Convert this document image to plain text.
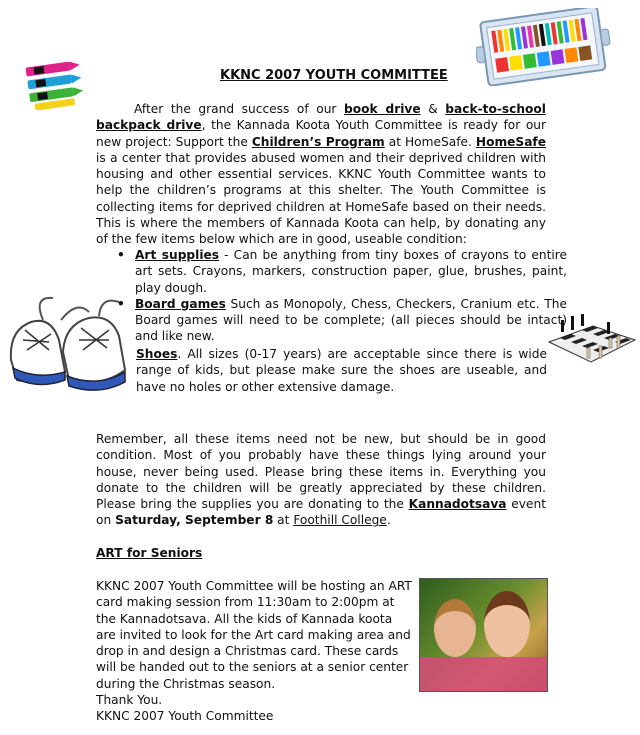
KKNC 2007 YOUTH COMMITTEE

After the grand success of our book drive & back-to-school backpack drive, the Kannada Koota Youth Committee is ready for our new project: Support the Children’s Program at HomeSafe. HomeSafe is a center that provides abused women and their deprived children with housing and other essential services. KKNC Youth Committee wants to help the children’s programs at this shelter. The Youth Committee is collecting items for deprived children at HomeSafe based on their needs. This is where the members of Kannada Koota can help, by donating any of the few items below which are in good, useable condition:

• Art supplies - Can be anything from tiny boxes of crayons to entire art sets. Crayons, markers, construction paper, glue, brushes, paint, play dough.
• Board games Such as Monopoly, Chess, Checkers, Cranium etc. The Board games will need to be complete; (all pieces should be intact) and like new.

Shoes. All sizes (0-17 years) are acceptable since there is wide range of kids, but please make sure the shoes are useable, and have no holes or other extensive damage.

Remember, all these items need not be new, but should be in good condition. Most of you probably have these things lying around your house, never being used. Please bring these items in. Everything you donate to the children will be greatly appreciated by these children. Please bring the supplies you are donating to the Kannadotsava event on Saturday, September 8 at Foothill College.

ART for Seniors

KKNC 2007 Youth Committee will be hosting an ART card making session from 11:30am to 2:00pm at the Kannadotsava. All the kids of Kannada koota are invited to look for the Art card making area and drop in and design a Christmas card. These cards will be handed out to the seniors at a senior center during the Christmas season.

Thank You.
KKNC 2007 Youth Committee
